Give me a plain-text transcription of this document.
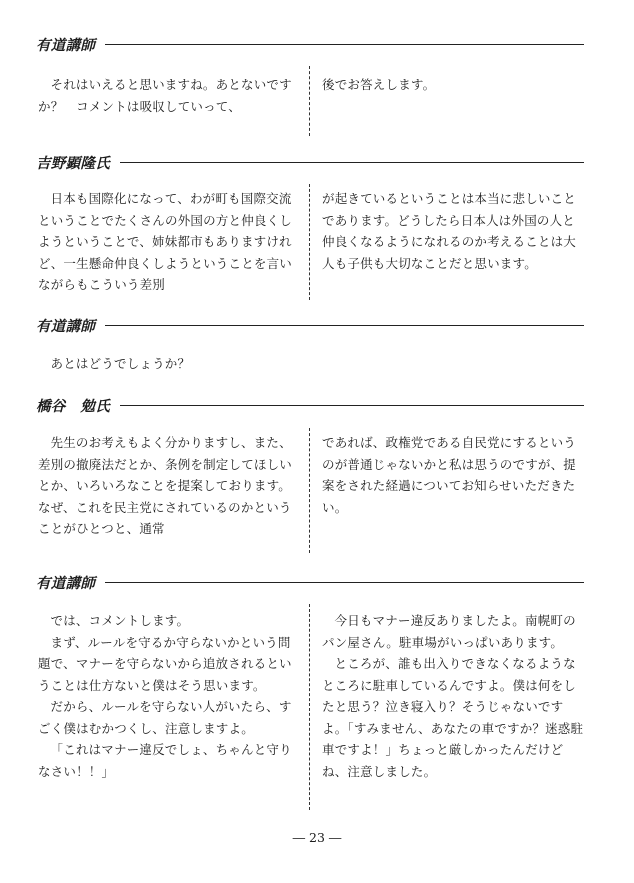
有道講師

それはいえると思いますね。あとないですか？　コメントは吸収していって、

後でお答えします。

吉野顕隆氏

日本も国際化になって、わが町も国際交流ということでたくさんの外国の方と仲良くしようということで、姉妹都市もありますけれど、一生懸命仲良くしようということを言いながらもこういう差別

が起きているということは本当に悲しいことであります。どうしたら日本人は外国の人と仲良くなるようになれるのか考えることは大人も子供も大切なことだと思います。

有道講師

あとはどうでしょうか？

橋谷　勉氏

先生のお考えもよく分かりますし、また、差別の撤廃法だとか、条例を制定してほしいとか、いろいろなことを提案しております。なぜ、これを民主党にされているのかということがひとつと、通常

であれば、政権党である自民党にするというのが普通じゃないかと私は思うのですが、提案をされた経過についてお知らせいただきたい。

有道講師

では、コメントします。

まず、ルールを守るか守らないかという問題で、マナーを守らないから追放されるということは仕方ないと僕はそう思います。

だから、ルールを守らない人がいたら、すごく僕はむかつくし、注意しますよ。

「これはマナー違反でしょ、ちゃんと守りなさい！！」

今日もマナー違反ありましたよ。南幌町のパン屋さん。駐車場がいっぱいあります。

ところが、誰も出入りできなくなるようなところに駐車しているんですよ。僕は何をしたと思う？泣き寝入り？そうじゃないですよ。「すみません、あなたの車ですか？迷惑駐車ですよ！」ちょっと厳しかったんだけどね、注意しました。

― 23 ―
